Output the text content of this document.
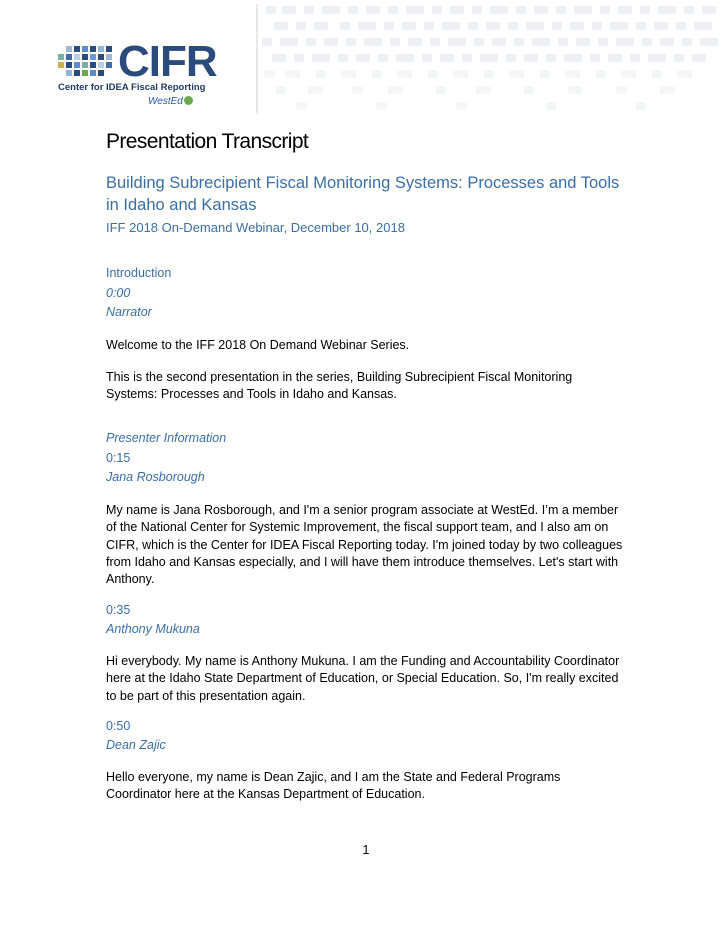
CIFR
Center for IDEA Fiscal Reporting
WestEd
Presentation Transcript
Building Subrecipient Fiscal Monitoring Systems: Processes and Tools in Idaho and Kansas
IFF 2018 On-Demand Webinar, December 10, 2018
Introduction
0:00
Narrator
Welcome to the IFF 2018 On Demand Webinar Series.
This is the second presentation in the series, Building Subrecipient Fiscal Monitoring Systems: Processes and Tools in Idaho and Kansas.
Presenter Information
0:15
Jana Rosborough
My name is Jana Rosborough, and I'm a senior program associate at WestEd. I’m a member of the National Center for Systemic Improvement, the fiscal support team, and I also am on CIFR, which is the Center for IDEA Fiscal Reporting today. I'm joined today by two colleagues from Idaho and Kansas especially, and I will have them introduce themselves. Let's start with Anthony.
0:35
Anthony Mukuna
Hi everybody. My name is Anthony Mukuna. I am the Funding and Accountability Coordinator here at the Idaho State Department of Education, or Special Education. So, I'm really excited to be part of this presentation again.
0:50
Dean Zajic
Hello everyone, my name is Dean Zajic, and I am the State and Federal Programs Coordinator here at the Kansas Department of Education.
1
